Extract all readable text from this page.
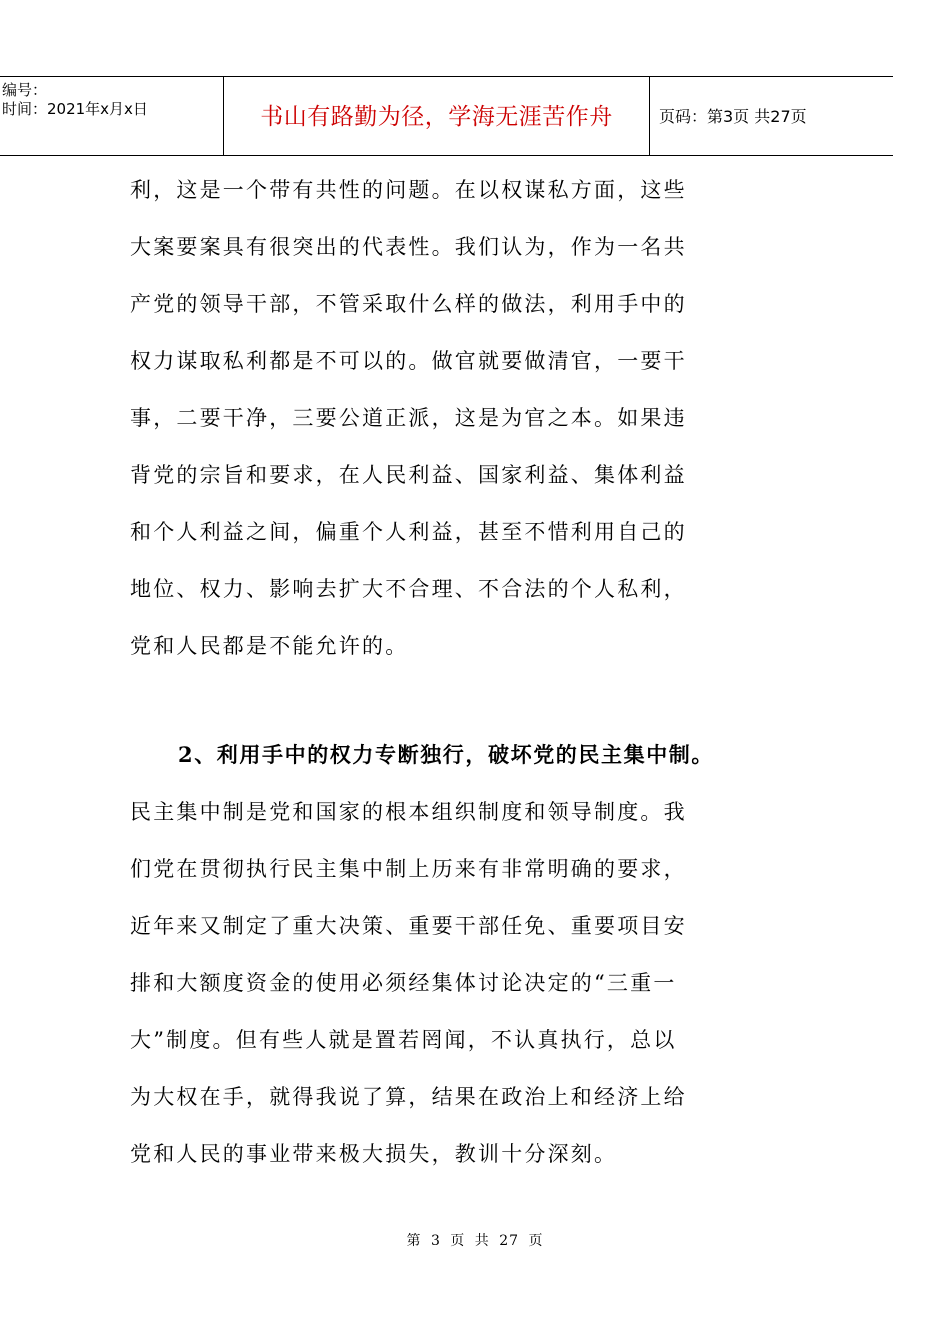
编号：
时间：2021年x月x日	书山有路勤为径，学海无涯苦作舟	页码：第3页 共27页
利，这是一个带有共性的问题。在以权谋私方面，这些
大案要案具有很突出的代表性。我们认为，作为一名共
产党的领导干部，不管采取什么样的做法，利用手中的
权力谋取私利都是不可以的。做官就要做清官，一要干
事，二要干净，三要公道正派，这是为官之本。如果违
背党的宗旨和要求，在人民利益、国家利益、集体利益
和个人利益之间，偏重个人利益，甚至不惜利用自己的
地位、权力、影响去扩大不合理、不合法的个人私利，
党和人民都是不能允许的。
2、利用手中的权力专断独行，破坏党的民主集中制。
民主集中制是党和国家的根本组织制度和领导制度。我
们党在贯彻执行民主集中制上历来有非常明确的要求，
近年来又制定了重大决策、重要干部任免、重要项目安
排和大额度资金的使用必须经集体讨论决定的“三重一
大”制度。但有些人就是置若罔闻，不认真执行，总以
为大权在手，就得我说了算，结果在政治上和经济上给
党和人民的事业带来极大损失，教训十分深刻。
第 3 页 共 27 页
